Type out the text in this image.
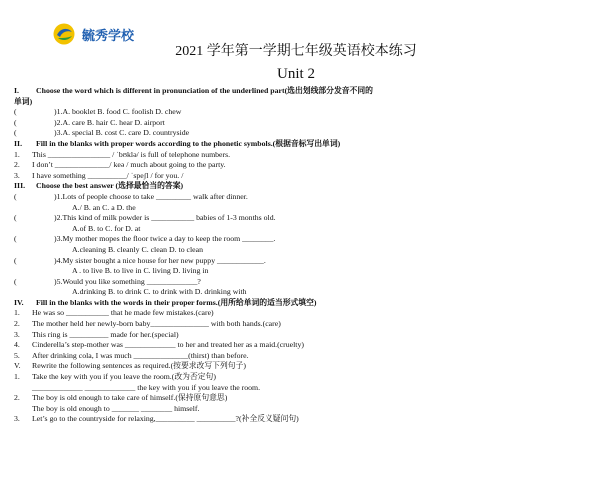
毓秀学校
2021 学年第一学期七年级英语校本练习
Unit 2
I. Choose the word which is different in pronunciation of the underlined part(选出划线部分发音不同的
单词)
(	)1.A. booklet B. food C. foolish D. chew
(	)2.A. care B. hair C. hear D. airport
(	)3.A. special B. cost C. care D. countryside
II. Fill in the blanks with proper words according to the phonetic symbols.(根据音标写出单词)
1. This ________________ / ˈbʊklə/ is full of telephone numbers.
2. I don’t ______________/ keə / much about going to the party.
3. I have something __________/ ˈspeʃl / for you. /
III. Choose the best answer (选择最恰当的答案)
(	)1.Lots of people choose to take _________ walk after dinner.
A./ B. an C. a D. the
(	)2.This kind of milk powder is ___________ babies of 1-3 months old.
A.of B. to C. for D. at
(	)3.My mother mopes the floor twice a day to keep the room ________.
A.cleaning B. cleanly C. clean D. to clean
(	)4.My sister bought a nice house for her new puppy ____________.
A . to live B. to live in C. living D. living in
(	)5.Would you like something _____________?
A.drinking B. to drink C. to drink with D. drinking with
IV. Fill in the blanks with the words in their proper forms.(用所给单词的适当形式填空)
1. He was so ___________ that he made few mistakes.(care)
2. The mother held her newly-born baby_______________ with both hands.(care)
3. This ring is __________ made for her.(special)
4. Cinderella’s step-mother was _____________ to her and treated her as a maid.(cruelty)
5. After drinking cola, I was much ______________(thirst) than before.
V. Rewrite the following sentences as required.(按要求改写下列句子)
1. Take the key with you if you leave the room.(改为否定句)
_____________ _____________ the key with you if you leave the room.
2. The boy is old enough to take care of himself.(保持原句意思)
The boy is old enough to _______ ________ himself.
3. Let’s go to the countryside for relaxing,__________ __________?(补全反义疑问句)
